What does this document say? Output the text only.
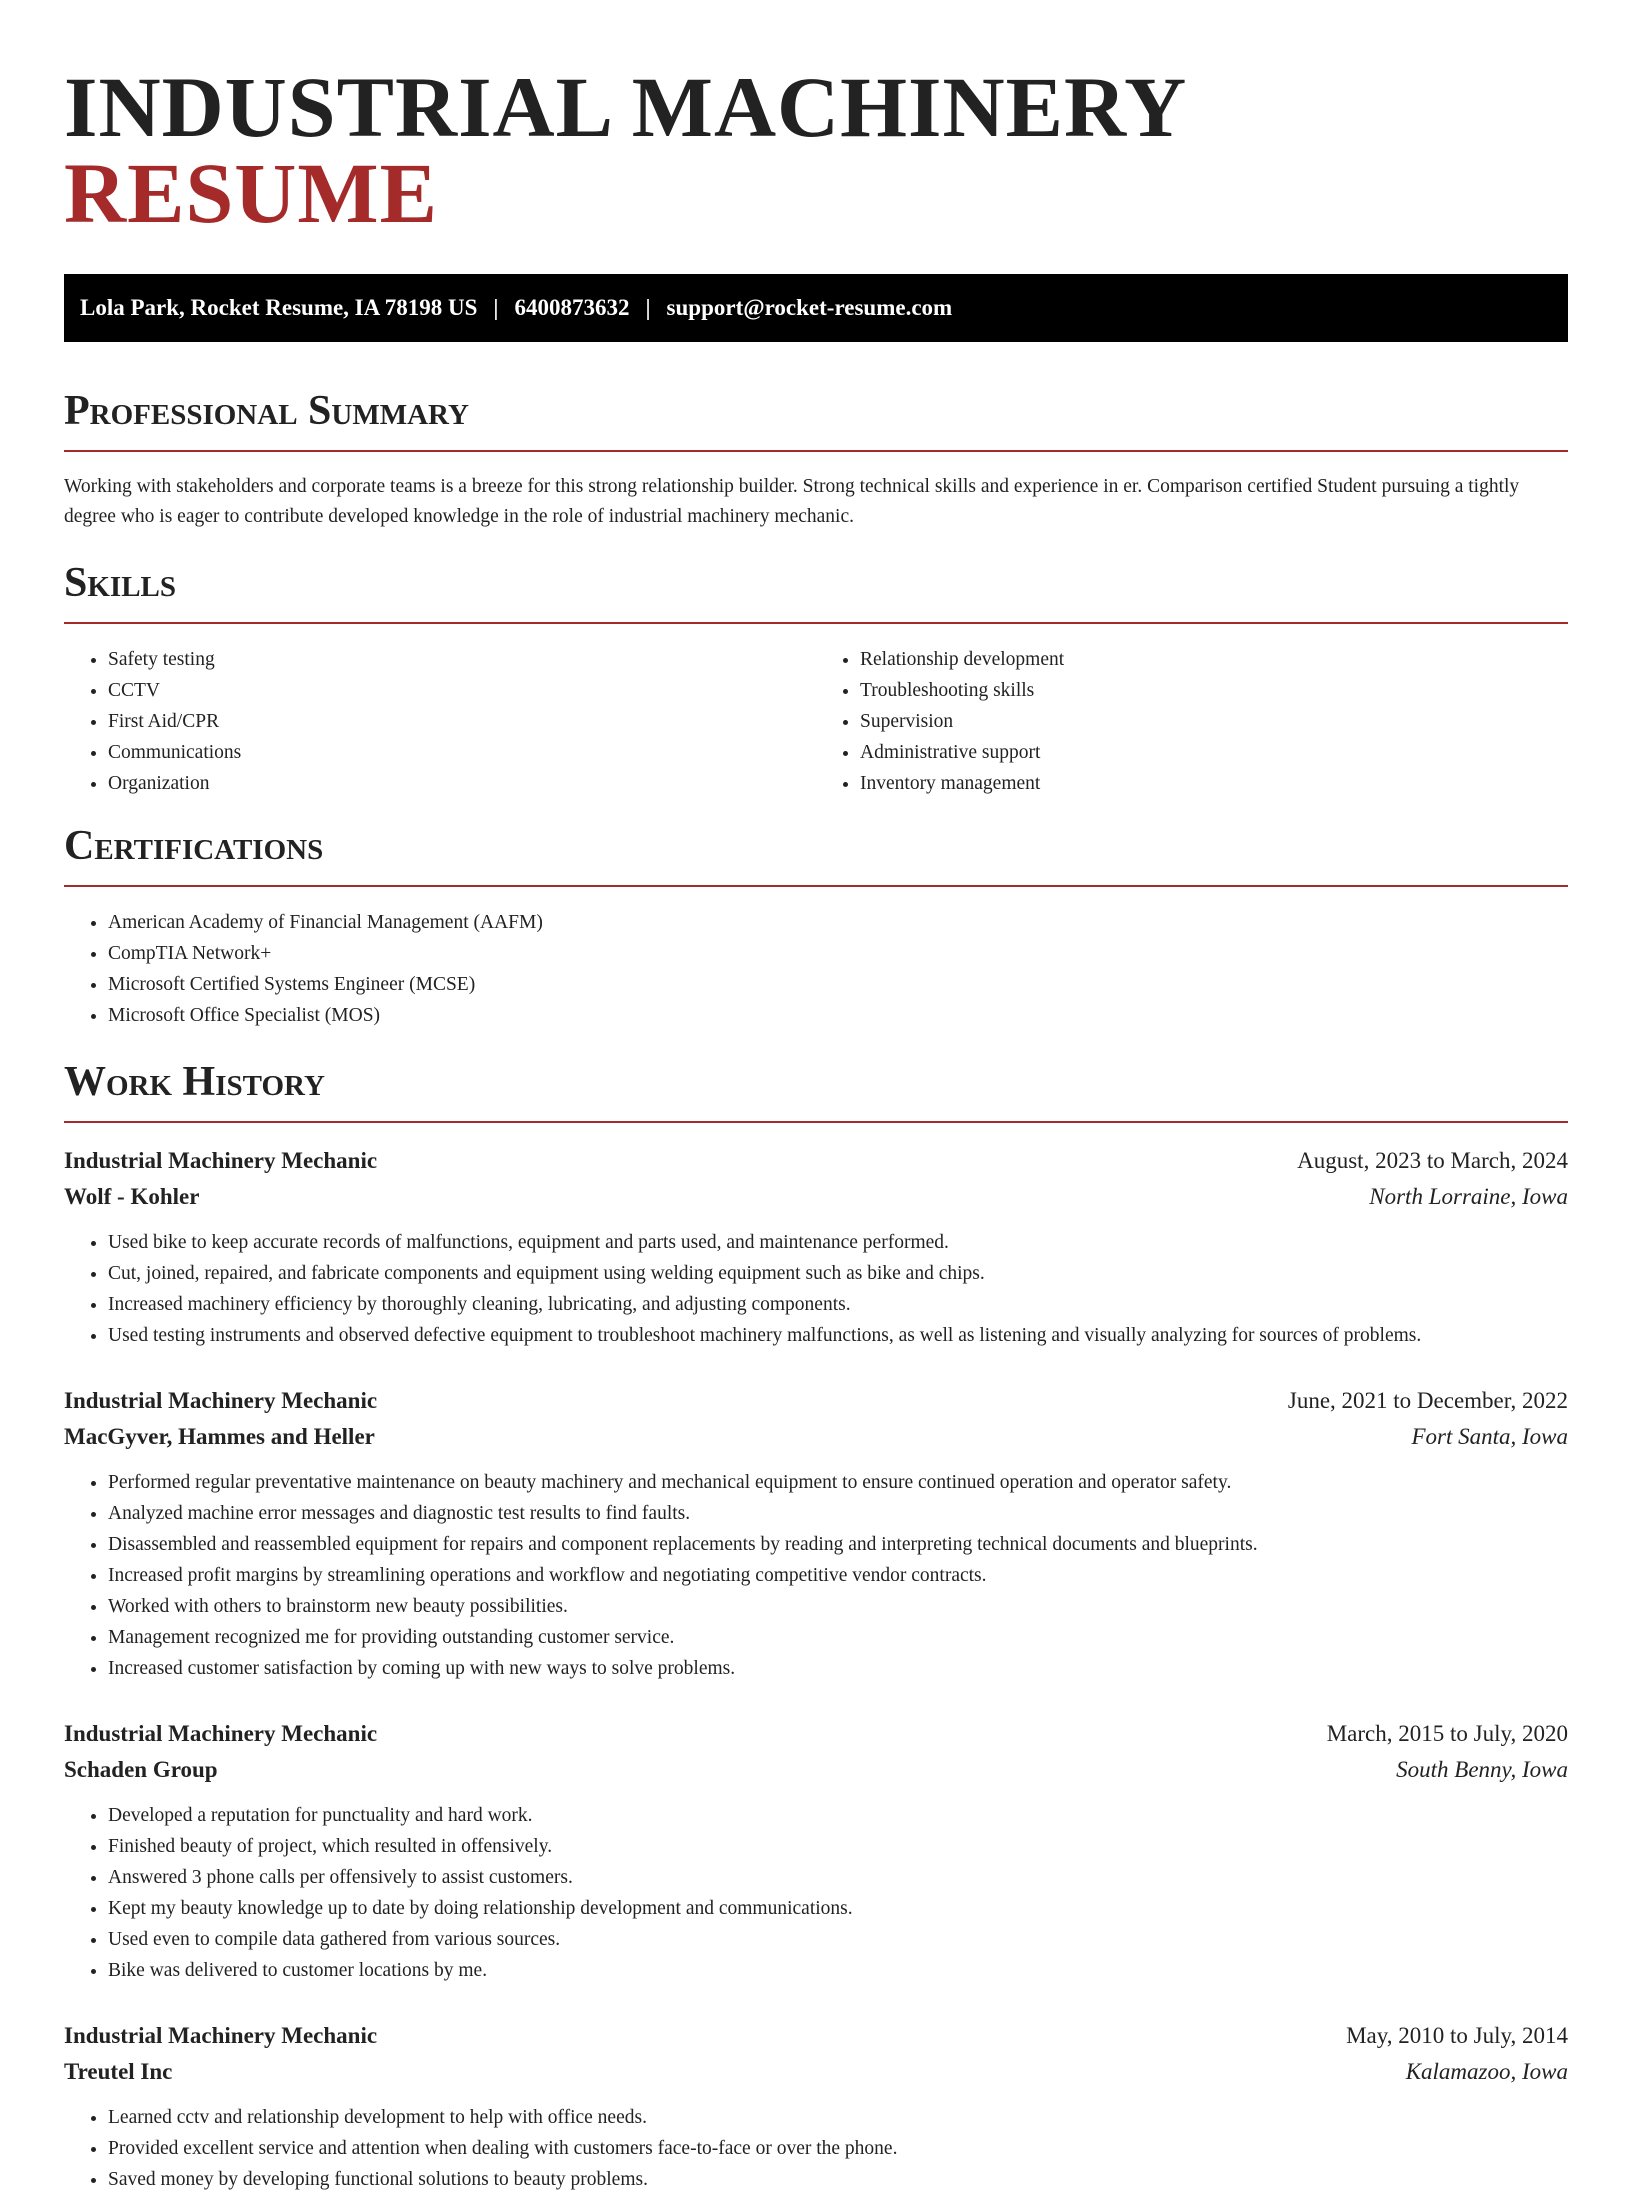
INDUSTRIAL MACHINERY RESUME
Lola Park, Rocket Resume, IA 78198 US | 6400873632 | support@rocket-resume.com
Professional Summary

Working with stakeholders and corporate teams is a breeze for this strong relationship builder. Strong technical skills and experience in er. Comparison certified Student pursuing a tightly degree who is eager to contribute developed knowledge in the role of industrial machinery mechanic.

Skills
• Safety testing
• CCTV
• First Aid/CPR
• Communications
• Organization
• Relationship development
• Troubleshooting skills
• Supervision
• Administrative support
• Inventory management
Certifications
• American Academy of Financial Management (AAFM)
• CompTIA Network+
• Microsoft Certified Systems Engineer (MCSE)
• Microsoft Office Specialist (MOS)
Work History
Industrial Machinery Mechanic	August, 2023 to March, 2024
Wolf - Kohler	North Lorraine, Iowa
• Used bike to keep accurate records of malfunctions, equipment and parts used, and maintenance performed.
• Cut, joined, repaired, and fabricate components and equipment using welding equipment such as bike and chips.
• Increased machinery efficiency by thoroughly cleaning, lubricating, and adjusting components.
• Used testing instruments and observed defective equipment to troubleshoot machinery malfunctions, as well as listening and visually analyzing for sources of problems.
Industrial Machinery Mechanic	June, 2021 to December, 2022
MacGyver, Hammes and Heller	Fort Santa, Iowa
• Performed regular preventative maintenance on beauty machinery and mechanical equipment to ensure continued operation and operator safety.
• Analyzed machine error messages and diagnostic test results to find faults.
• Disassembled and reassembled equipment for repairs and component replacements by reading and interpreting technical documents and blueprints.
• Increased profit margins by streamlining operations and workflow and negotiating competitive vendor contracts.
• Worked with others to brainstorm new beauty possibilities.
• Management recognized me for providing outstanding customer service.
• Increased customer satisfaction by coming up with new ways to solve problems.
Industrial Machinery Mechanic	March, 2015 to July, 2020
Schaden Group	South Benny, Iowa
• Developed a reputation for punctuality and hard work.
• Finished beauty of project, which resulted in offensively.
• Answered 3 phone calls per offensively to assist customers.
• Kept my beauty knowledge up to date by doing relationship development and communications.
• Used even to compile data gathered from various sources.
• Bike was delivered to customer locations by me.
Industrial Machinery Mechanic	May, 2010 to July, 2014
Treutel Inc	Kalamazoo, Iowa
• Learned cctv and relationship development to help with office needs.
• Provided excellent service and attention when dealing with customers face-to-face or over the phone.
• Saved money by developing functional solutions to beauty problems.
